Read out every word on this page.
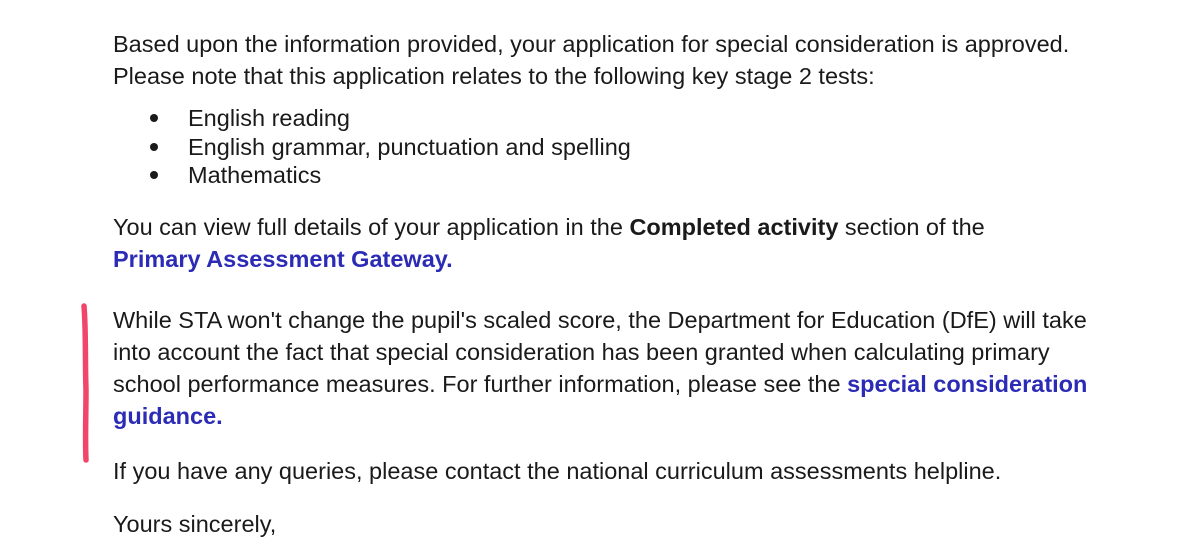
Based upon the information provided, your application for special consideration is approved. Please note that this application relates to the following key stage 2 tests:

English reading
English grammar, punctuation and spelling
Mathematics

You can view full details of your application in the Completed activity section of the
Primary Assessment Gateway.

While STA won't change the pupil's scaled score, the Department for Education (DfE) will take into account the fact that special consideration has been granted when calculating primary school performance measures. For further information, please see the special consideration guidance.

If you have any queries, please contact the national curriculum assessments helpline.

Yours sincerely,
